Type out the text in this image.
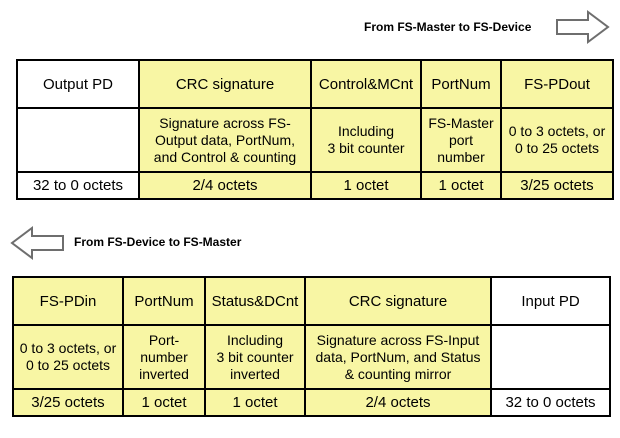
From FS-Master to FS-Device
Output PD	CRC signature	Control&MCnt	PortNum	FS-PDout
	Signature across FS-
Output data, PortNum,
and Control & counting	Including
3 bit counter	FS-Master
port
number	0 to 3 octets, or
0 to 25 octets
32 to 0 octets	2/4 octets	1 octet	1 octet	3/25 octets
From FS-Device to FS-Master
FS-PDin	PortNum	Status&DCnt	CRC signature	Input PD
0 to 3 octets, or
0 to 25 octets	Port-
number
inverted	Including
3 bit counter
inverted	Signature across FS-Input
data, PortNum, and Status
& counting mirror	
3/25 octets	1 octet	1 octet	2/4 octets	32 to 0 octets
